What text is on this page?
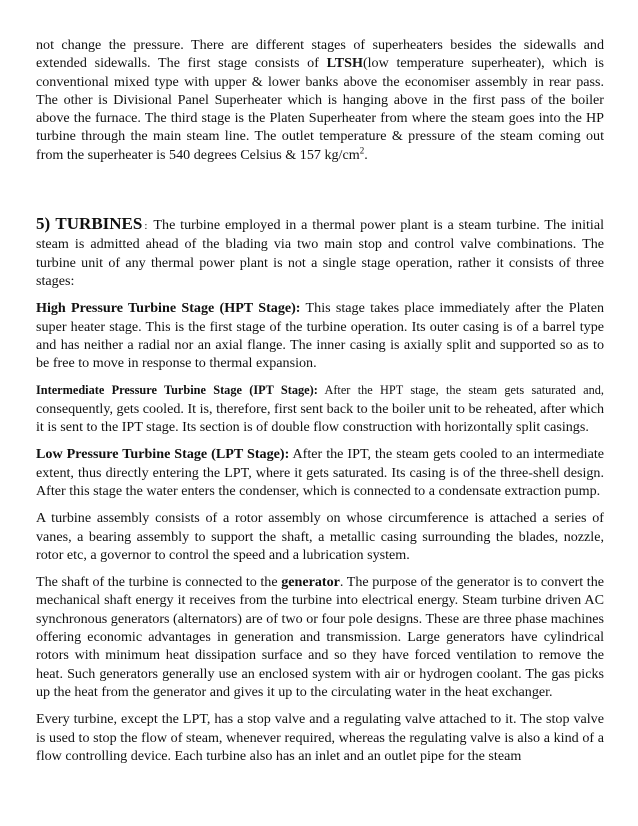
not change the pressure. There are different stages of superheaters besides the sidewalls and extended sidewalls. The first stage consists of LTSH(low temperature superheater), which is conventional mixed type with upper & lower banks above the economiser assembly in rear pass. The other is Divisional Panel Superheater which is hanging above in the first pass of the boiler above the furnace. The third stage is the Platen Superheater from where the steam goes into the HP turbine through the main steam line. The outlet temperature & pressure of the steam coming out from the superheater is 540 degrees Celsius & 157 $kg/cm^2$.

5) TURBINES : The turbine employed in a thermal power plant is a steam turbine. The initial steam is admitted ahead of the blading via two main stop and control valve combinations. The turbine unit of any thermal power plant is not a single stage operation, rather it consists of three stages:

High Pressure Turbine Stage (HPT Stage): This stage takes place immediately after the Platen super heater stage. This is the first stage of the turbine operation. Its outer casing is of a barrel type and has neither a radial nor an axial flange. The inner casing is axially split and supported so as to be free to move in response to thermal expansion.

Intermediate Pressure Turbine Stage (IPT Stage): After the HPT stage, the steam gets saturated and, consequently, gets cooled. It is, therefore, first sent back to the boiler unit to be reheated, after which it is sent to the IPT stage. Its section is of double flow construction with horizontally split casings.

Low Pressure Turbine Stage (LPT Stage): After the IPT, the steam gets cooled to an intermediate extent, thus directly entering the LPT, where it gets saturated. Its casing is of the three-shell design. After this stage the water enters the condenser, which is connected to a condensate extraction pump.

A turbine assembly consists of a rotor assembly on whose circumference is attached a series of vanes, a bearing assembly to support the shaft, a metallic casing surrounding the blades, nozzle, rotor etc, a governor to control the speed and a lubrication system.

The shaft of the turbine is connected to the generator. The purpose of the generator is to convert the mechanical shaft energy it receives from the turbine into electrical energy. Steam turbine driven AC synchronous generators (alternators) are of two or four pole designs. These are three phase machines offering economic advantages in generation and transmission. Large generators have cylindrical rotors with minimum heat dissipation surface and so they have forced ventilation to remove the heat. Such generators generally use an enclosed system with air or hydrogen coolant. The gas picks up the heat from the generator and gives it up to the circulating water in the heat exchanger.

Every turbine, except the LPT, has a stop valve and a regulating valve attached to it. The stop valve is used to stop the flow of steam, whenever required, whereas the regulating valve is also a kind of a flow controlling device. Each turbine also has an inlet and an outlet pipe for the steam
